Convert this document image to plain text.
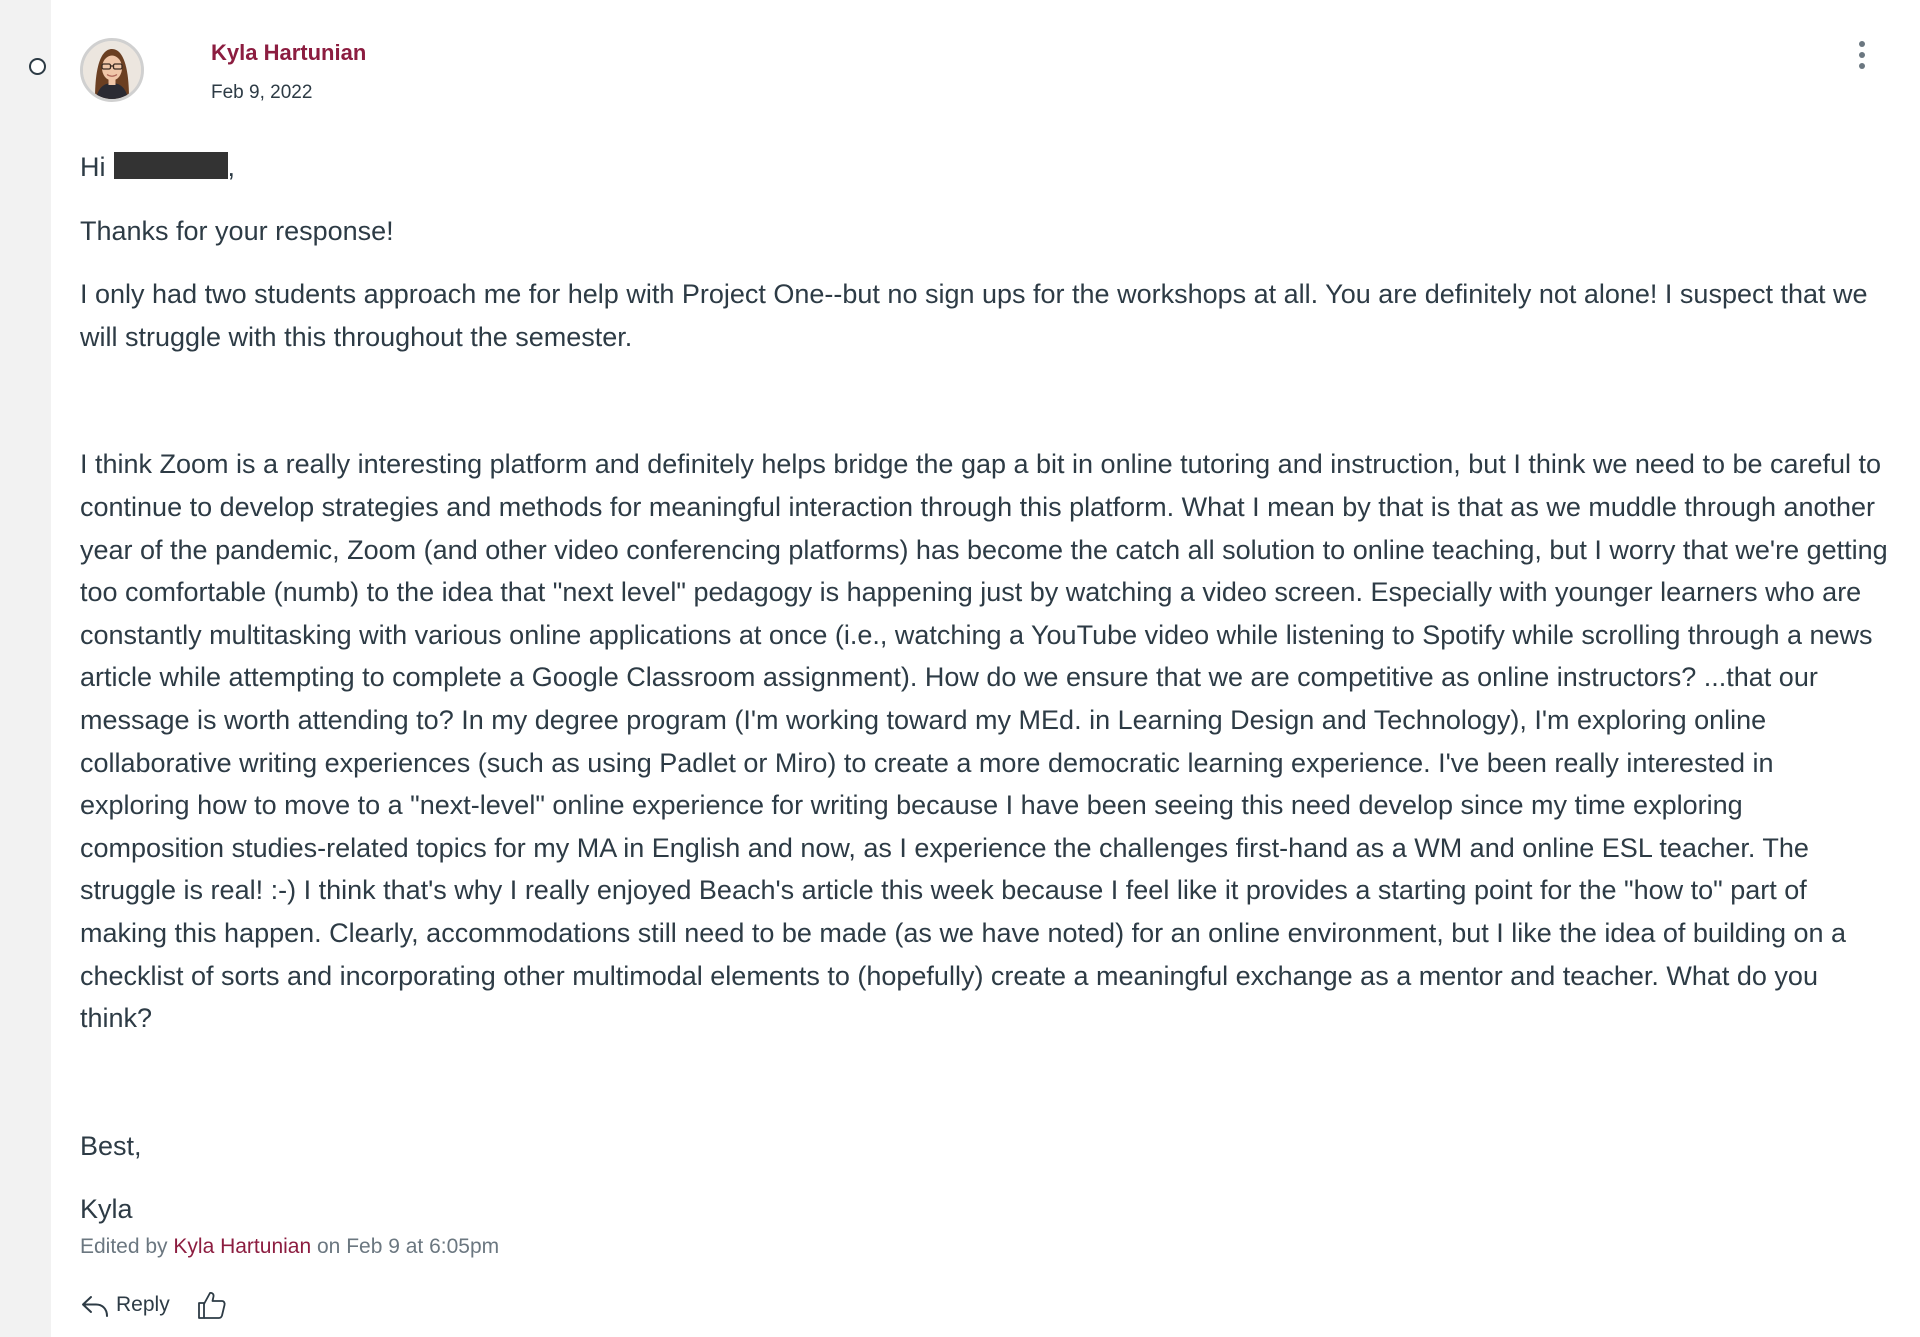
Kyla Hartunian
Feb 9, 2022

Hi	,

Thanks for your response!

I only had two students approach me for help with Project One--but no sign ups for the workshops at all. You are definitely not alone! I suspect that we will struggle with this throughout the semester.

I think Zoom is a really interesting platform and definitely helps bridge the gap a bit in online tutoring and instruction, but I think we need to be careful to continue to develop strategies and methods for meaningful interaction through this platform. What I mean by that is that as we muddle through another year of the pandemic, Zoom (and other video conferencing platforms) has become the catch all solution to online teaching, but I worry that we're getting too comfortable (numb) to the idea that "next level" pedagogy is happening just by watching a video screen. Especially with younger learners who are constantly multitasking with various online applications at once (i.e., watching a YouTube video while listening to Spotify while scrolling through a news article while attempting to complete a Google Classroom assignment). How do we ensure that we are competitive as online instructors? ...that our message is worth attending to? In my degree program (I'm working toward my MEd. in Learning Design and Technology), I'm exploring online collaborative writing experiences (such as using Padlet or Miro) to create a more democratic learning experience. I've been really interested in exploring how to move to a "next-level" online experience for writing because I have been seeing this need develop since my time exploring composition studies-related topics for my MA in English and now, as I experience the challenges first-hand as a WM and online ESL teacher. The struggle is real! :-) I think that's why I really enjoyed Beach's article this week because I feel like it provides a starting point for the "how to" part of making this happen. Clearly, accommodations still need to be made (as we have noted) for an online environment, but I like the idea of building on a checklist of sorts and incorporating other multimodal elements to (hopefully) create a meaningful exchange as a mentor and teacher. What do you think?

Best,

Kyla

Edited by Kyla Hartunian on Feb 9 at 6:05pm
Reply
